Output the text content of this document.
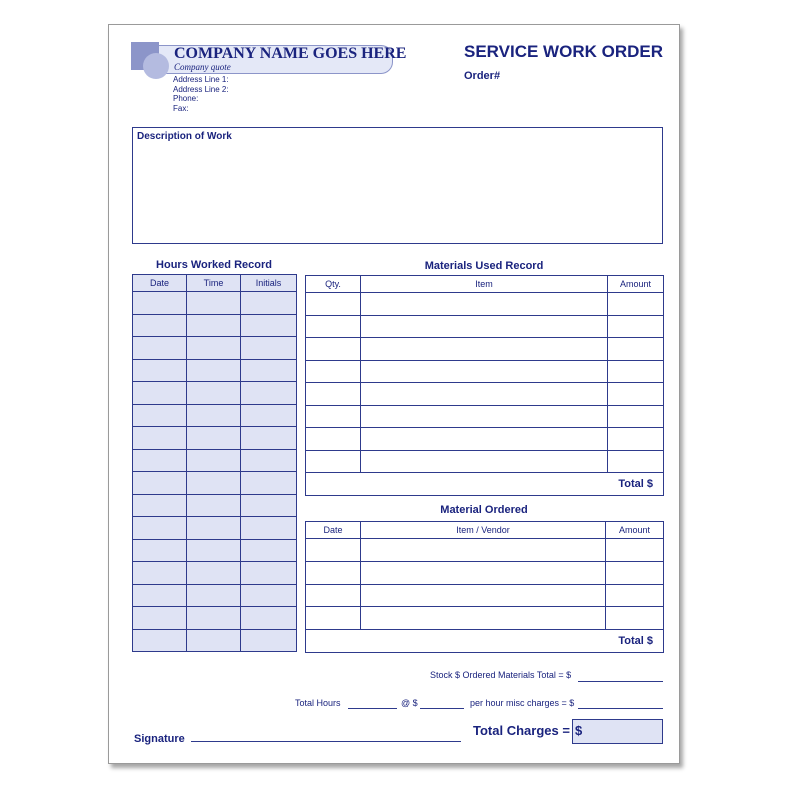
COMPANY NAME GOES HERE
Company quote
Address Line 1:
Address Line 2:
Phone:
Fax:
SERVICE WORK ORDER
Order#
Description of Work
Hours Worked Record
Date	Time	Initials

Materials Used Record
Qty.	Item	Amount

Total $		
Material Ordered
Date	Item / Vendor	Amount

Total $		
Stock $ Ordered Materials Total = $
Total Hours	@ $	per hour misc charges = $
Total Charges = $
Signature
